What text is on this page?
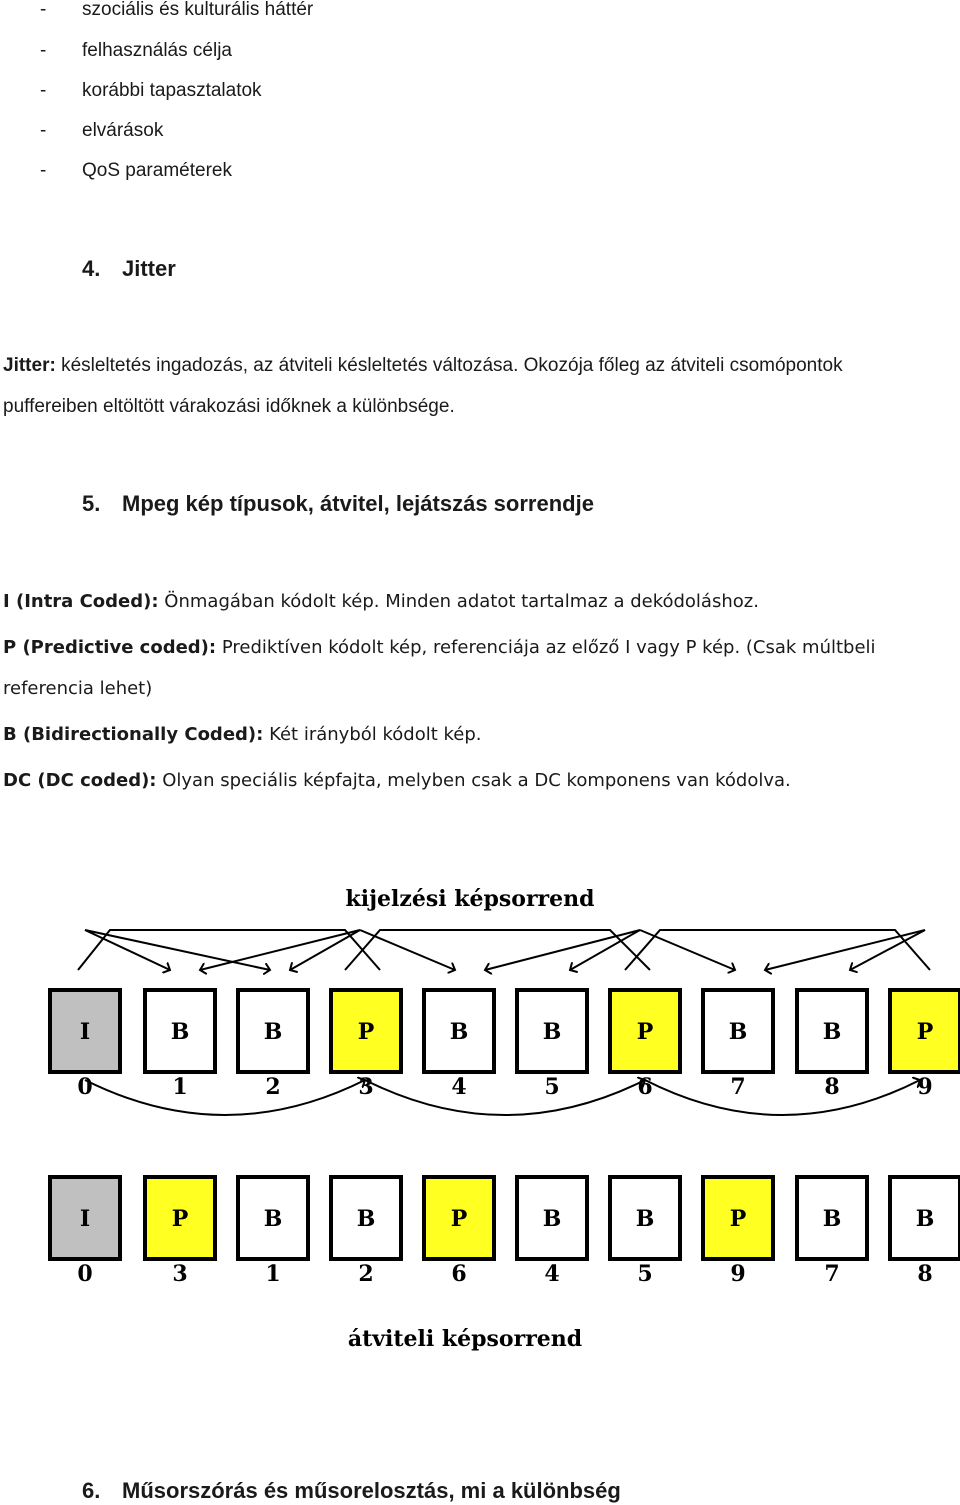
- szociális és kulturális háttér
- felhasználás célja
- korábbi tapasztalatok
- elvárások
- QoS paraméterek
4. Jitter
Jitter: késleltetés ingadozás, az átviteli késleltetés változása. Okozója főleg az átviteli csomópontok
puffereiben eltöltött várakozási időknek a különbsége.
5. Mpeg kép típusok, átvitel, lejátszás sorrendje
I (Intra Coded): Önmagában kódolt kép. Minden adatot tartalmaz a dekódoláshoz.
P (Predictive coded): Prediktíven kódolt kép, referenciája az előző I vagy P kép. (Csak múltbeli
referencia lehet)
B (Bidirectionally Coded): Két irányból kódolt kép.
DC (DC coded): Olyan speciális képfajta, melyben csak a DC komponens van kódolva.
kijelzési képsorrend
I
0
B
1
B
2
P
3
B
4
B
5
P
6
B
7
B
8
P
9
I
0
P
3
B
1
B
2
P
6
B
4
B
5
P
9
B
7
B
8
átviteli képsorrend
6. Műsorszórás és műsorelosztás, mi a különbség
